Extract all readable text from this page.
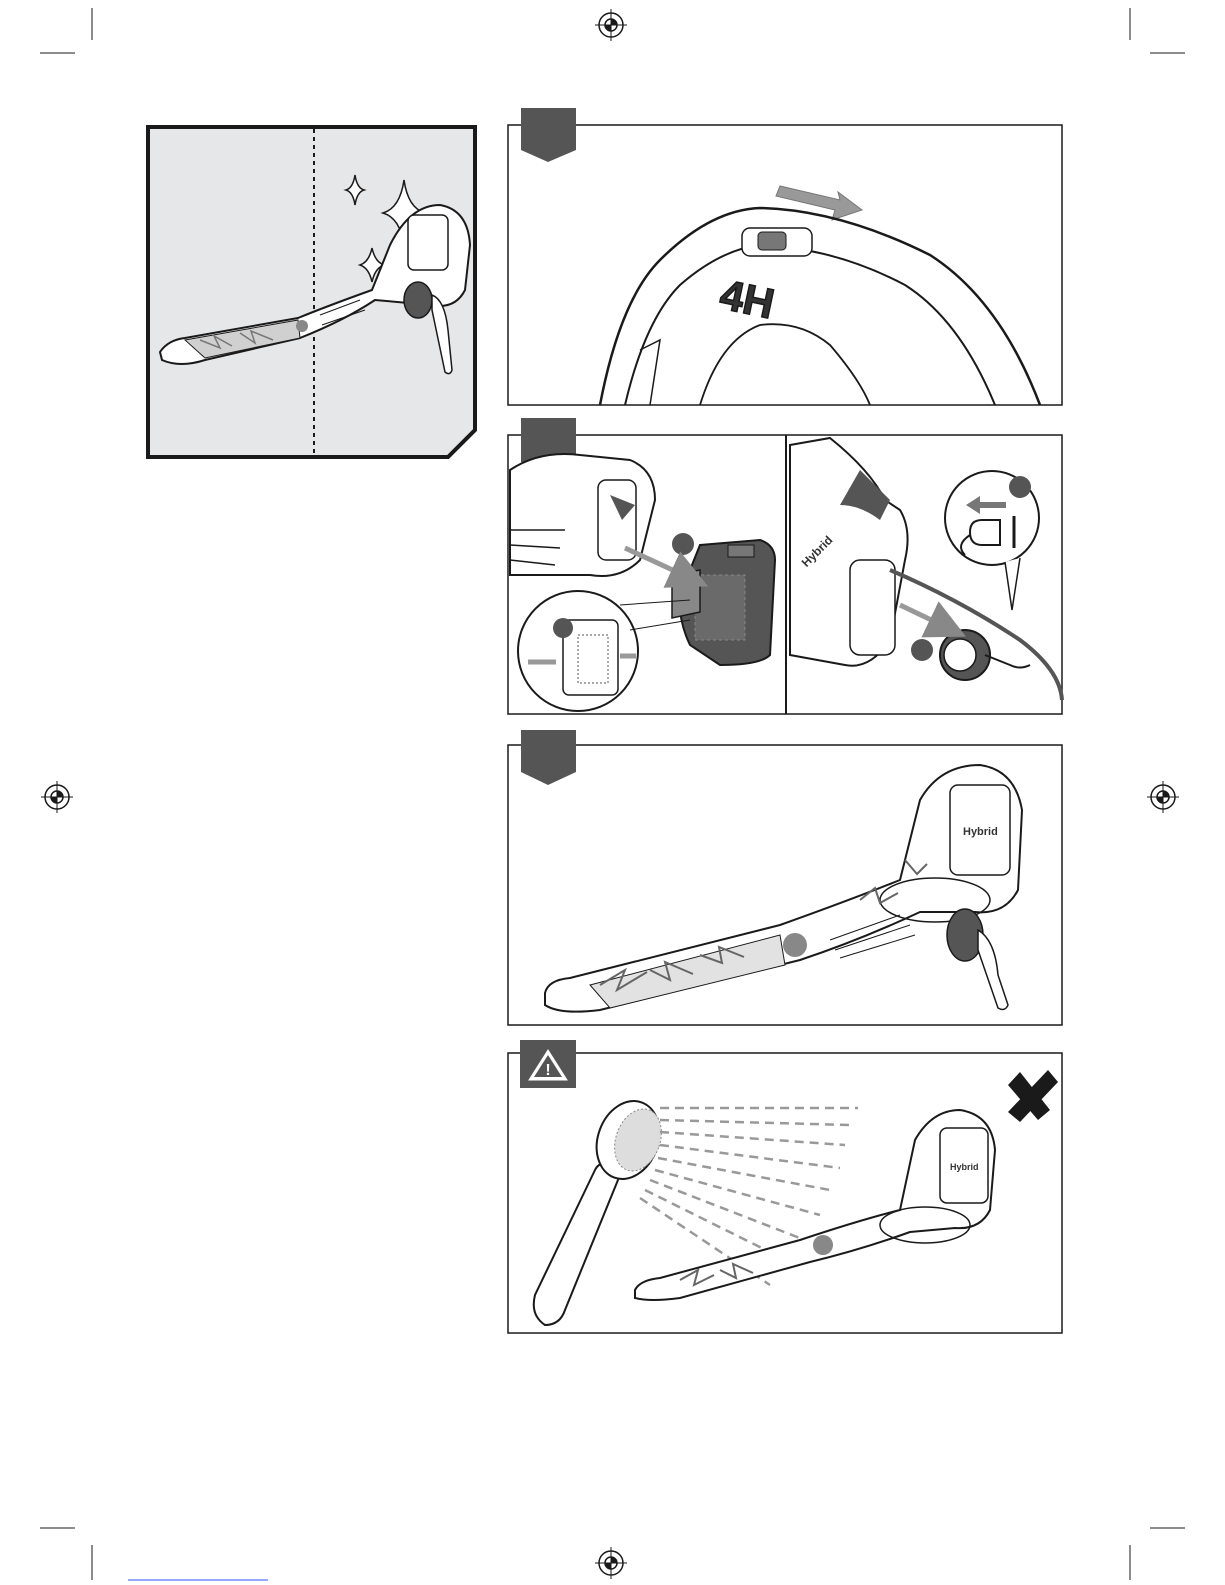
4H
Hybrid
Hybrid
!
Hybrid
